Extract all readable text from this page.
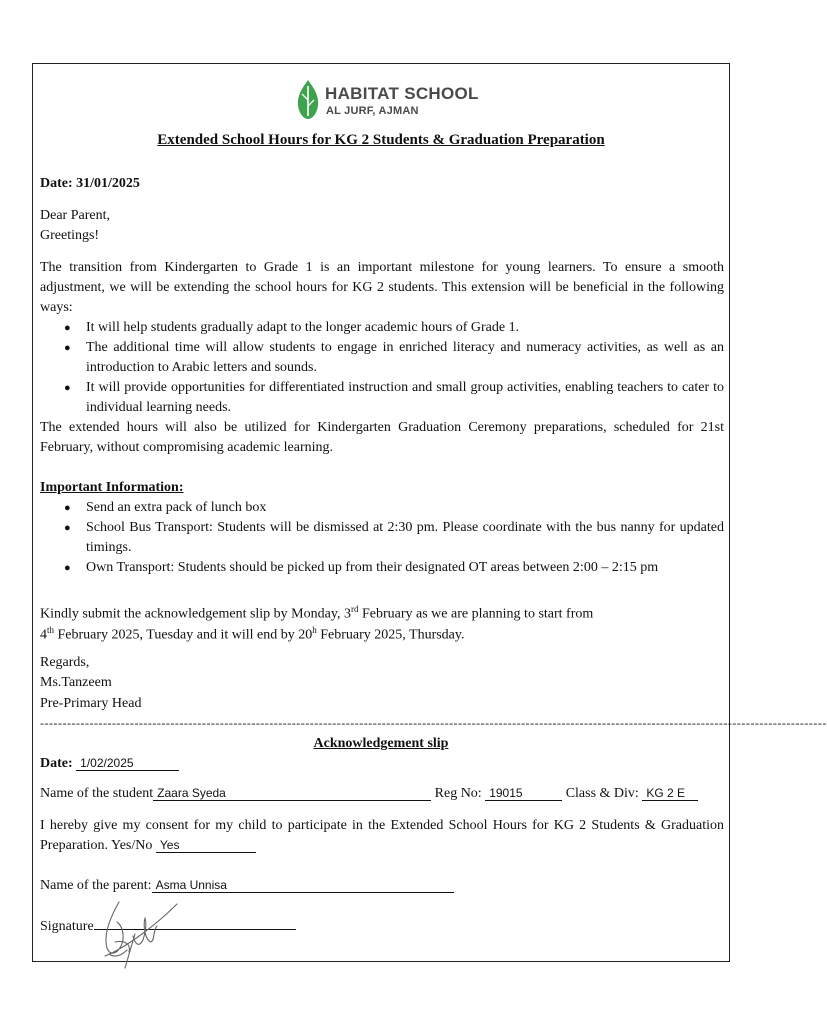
HABITAT SCHOOL
AL JURF, AJMAN
Extended School Hours for KG 2 Students & Graduation Preparation
Date: 31/01/2025
Dear Parent,
Greetings!
The transition from Kindergarten to Grade 1 is an important milestone for young learners. To ensure a smooth adjustment, we will be extending the school hours for KG 2 students. This extension will be beneficial in the following ways:
● It will help students gradually adapt to the longer academic hours of Grade 1.
● The additional time will allow students to engage in enriched literacy and numeracy activities, as well as an introduction to Arabic letters and sounds.
● It will provide opportunities for differentiated instruction and small group activities, enabling teachers to cater to individual learning needs.
The extended hours will also be utilized for Kindergarten Graduation Ceremony preparations, scheduled for 21st February, without compromising academic learning.
Important Information:
● Send an extra pack of lunch box
● School Bus Transport: Students will be dismissed at 2:30 pm. Please coordinate with the bus nanny for updated timings.
● Own Transport: Students should be picked up from their designated OT areas between 2:00 – 2:15 pm
Kindly submit the acknowledgement slip by Monday, 3rd February as we are planning to start from
4th February 2025, Tuesday and it will end by 20$^h$ February 2025, Thursday.
Regards,
Ms.Tanzeem
Pre-Primary Head
-------------------------------------------------------------------------------------------------------------------------------------------------------------------------------
Acknowledgement slip
Date: 1/02/2025
Name of the student Zaara Syeda	Reg No: 19015	Class & Div: KG 2 E
I hereby give my consent for my child to participate in the Extended School Hours for KG 2 Students & Graduation Preparation. Yes/No Yes
Name of the parent: Asma Unnisa
Signature
